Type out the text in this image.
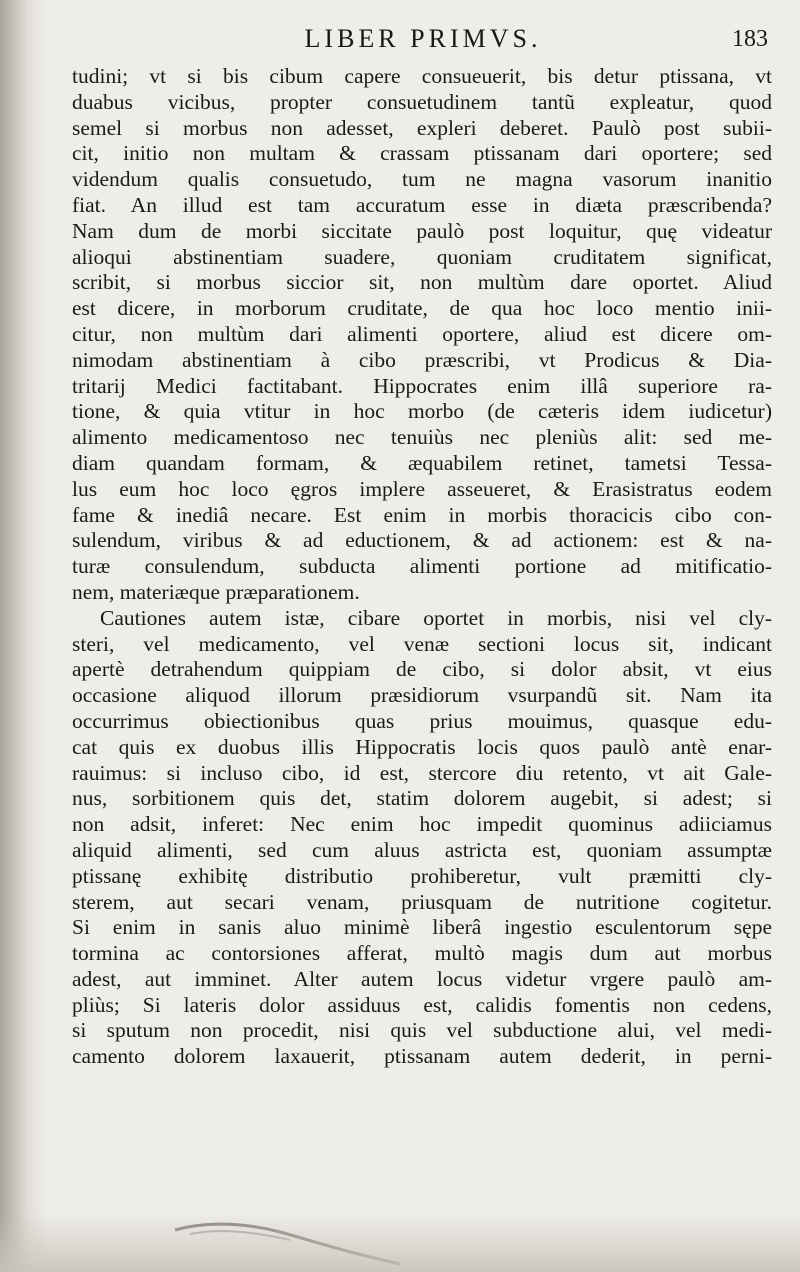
LIBER PRIMVS.	183
tudini; vt si bis cibum capere consueuerit, bis detur ptissana, vt
duabus vicibus, propter consuetudinem tantũ expleatur, quod
semel si morbus non adesset, expleri deberet. Paulò post subii-
cit, initio non multam & crassam ptissanam dari oportere; sed
videndum qualis consuetudo, tum ne magna vasorum inanitio
fiat. An illud est tam accuratum esse in diæta præscribenda?
Nam dum de morbi siccitate paulò post loquitur, quę videatur
alioqui abstinentiam suadere, quoniam cruditatem significat,
scribit, si morbus siccior sit, non multùm dare oportet. Aliud
est dicere, in morborum cruditate, de qua hoc loco mentio inii-
citur, non multùm dari alimenti oportere, aliud est dicere om-
nimodam abstinentiam à cibo præscribi, vt Prodicus & Dia-
tritarij Medici factitabant. Hippocrates enim illâ superiore ra-
tione, & quia vtitur in hoc morbo (de cæteris idem iudicetur)
alimento medicamentoso nec tenuiùs nec pleniùs alit: sed me-
diam quandam formam, & æquabilem retinet, tametsi Tessa-
lus eum hoc loco ęgros implere asseueret, & Erasistratus eodem
fame & inediâ necare. Est enim in morbis thoracicis cibo con-
sulendum, viribus & ad eductionem, & ad actionem: est & na-
turæ consulendum, subducta alimenti portione ad mitificatio-
nem, materiæque præparationem.
Cautiones autem istæ, cibare oportet in morbis, nisi vel cly-
steri, vel medicamento, vel venæ sectioni locus sit, indicant
apertè detrahendum quippiam de cibo, si dolor absit, vt eius
occasione aliquod illorum præsidiorum vsurpandũ sit. Nam ita
occurrimus obiectionibus quas prius mouimus, quasque edu-
cat quis ex duobus illis Hippocratis locis quos paulò antè enar-
rauimus: si incluso cibo, id est, stercore diu retento, vt ait Gale-
nus, sorbitionem quis det, statim dolorem augebit, si adest; si
non adsit, inferet: Nec enim hoc impedit quominus adiiciamus
aliquid alimenti, sed cum aluus astricta est, quoniam assumptæ
ptissanę exhibitę distributio prohiberetur, vult præmitti cly-
sterem, aut secari venam, priusquam de nutritione cogitetur.
Si enim in sanis aluo minimè liberâ ingestio esculentorum sępe
tormina ac contorsiones afferat, multò magis dum aut morbus
adest, aut imminet. Alter autem locus videtur vrgere paulò am-
pliùs; Si lateris dolor assiduus est, calidis fomentis non cedens,
si sputum non procedit, nisi quis vel subductione alui, vel medi-
camento dolorem laxauerit, ptissanam autem dederit, in perni-
